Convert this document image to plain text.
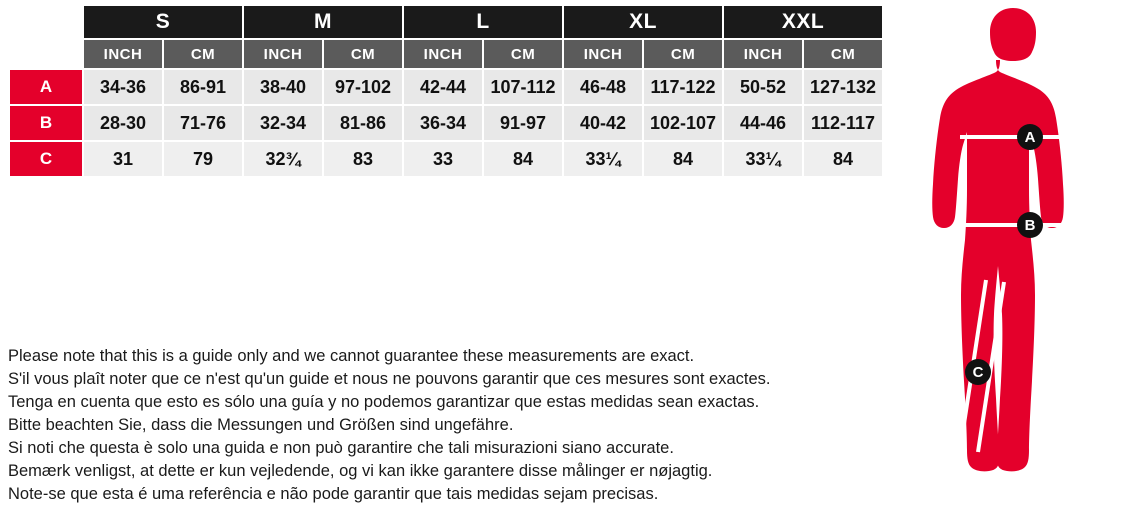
	S		M		L		XL		XXL	
	INCH	CM	INCH	CM	INCH	CM	INCH	CM	INCH	CM
A	34-36	86-91	38-40	97-102	42-44	107-112	46-48	117-122	50-52	127-132
B	28-30	71-76	32-34	81-86	36-34	91-97	40-42	102-107	44-46	112-117
C	31	79	32¾	83	33	84	33¼	84	33¼	84

Please note that this is a guide only and we cannot guarantee these measurements are exact.

S'il vous plaît noter que ce n'est qu'un guide et nous ne pouvons garantir que ces mesures sont exactes.

Tenga en cuenta que esto es sólo una guía y no podemos garantizar que estas medidas sean exactas.

Bitte beachten Sie, dass die Messungen und Größen sind ungefähre.

Si noti che questa è solo una guida e non può garantire che tali misurazioni siano accurate.

Bemærk venligst, at dette er kun vejledende, og vi kan ikke garantere disse målinger er nøjagtig.

Note-se que esta é uma referência e não pode garantir que tais medidas sejam precisas.

A
B
C
